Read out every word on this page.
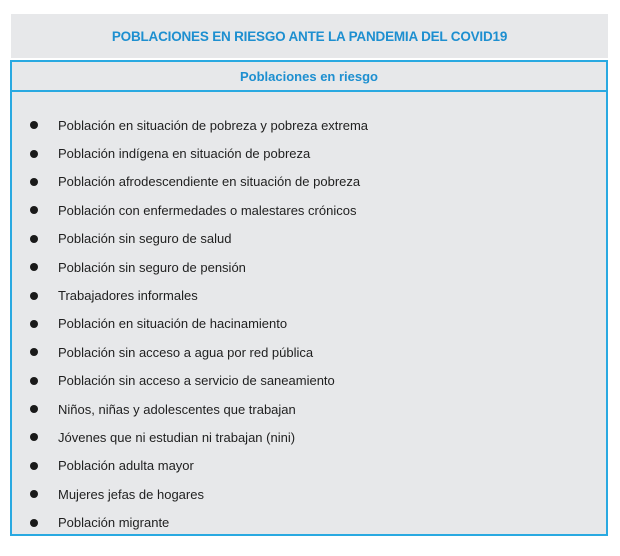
POBLACIONES EN RIESGO ANTE LA PANDEMIA DEL COVID19
Poblaciones en riesgo
Población en situación de pobreza y pobreza extrema
Población indígena en situación de pobreza
Población afrodescendiente en situación de pobreza
Población con enfermedades o malestares crónicos
Población sin seguro de salud
Población sin seguro de pensión
Trabajadores informales
Población en situación de hacinamiento
Población sin acceso a agua por red pública
Población sin acceso a servicio de saneamiento
Niños, niñas y adolescentes que trabajan
Jóvenes que ni estudian ni trabajan (nini)
Población adulta mayor
Mujeres jefas de hogares
Población migrante
